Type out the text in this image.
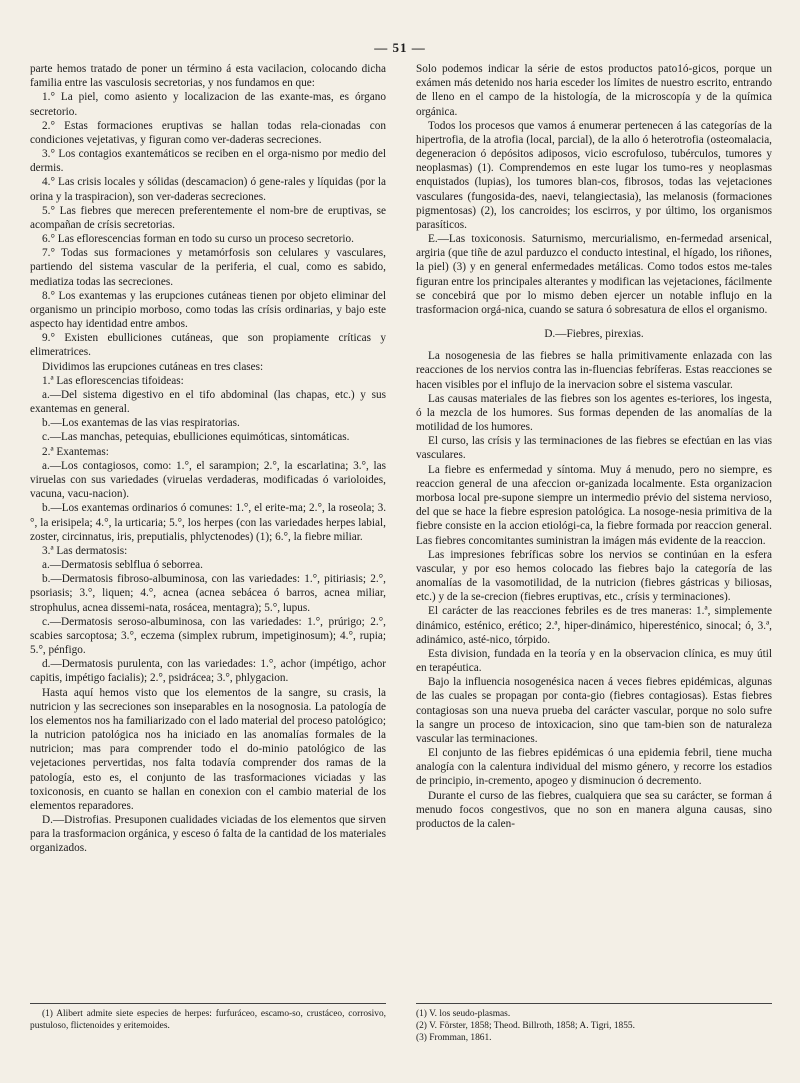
— 51 —

parte hemos tratado de poner un término á esta vacilacion, colocando dicha familia entre las vasculosis secretorias, y nos fundamos en que:

1.° La piel, como asiento y localizacion de las exante-mas, es órgano secretorio.

2.° Estas formaciones eruptivas se hallan todas rela-cionadas con condiciones vejetativas, y figuran como ver-daderas secreciones.

3.° Los contagios exantemáticos se reciben en el orga-nismo por medio del dermis.

4.° Las crisis locales y sólidas (descamacion) ó gene-rales y líquidas (por la orina y la traspiracion), son ver-daderas secreciones.

5.° Las fiebres que merecen preferentemente el nom-bre de eruptivas, se acompañan de crísis secretorias.

6.° Las eflorescencias forman en todo su curso un proceso secretorio.

7.° Todas sus formaciones y metamórfosis son celulares y vasculares, partiendo del sistema vascular de la periferia, el cual, como es sabido, mediatiza todas las secreciones.

8.° Los exantemas y las erupciones cutáneas tienen por objeto eliminar del organismo un principio morboso, como todas las crísis ordinarias, y bajo este aspecto hay identidad entre ambos.

9.° Existen ebulliciones cutáneas, que son propiamente críticas y elimeratrices.

Dividimos las erupciones cutáneas en tres clases:

1.ª Las eflorescencias tifoideas:

a.—Del sistema digestivo en el tifo abdominal (las chapas, etc.) y sus exantemas en general.

b.—Los exantemas de las vias respiratorias.

c.—Las manchas, petequias, ebulliciones equimóticas, sintomáticas.

2.ª Exantemas:

a.—Los contagiosos, como: 1.°, el sarampion; 2.°, la escarlatina; 3.°, las viruelas con sus variedades (viruelas verdaderas, modificadas ó varioloides, vacuna, vacu-nacion).

b.—Los exantemas ordinarios ó comunes: 1.°, el erite-ma; 2.°, la roseola; 3.°, la erisipela; 4.°, la urticaria; 5.°, los herpes (con las variedades herpes labial, zoster, circinnatus, iris, preputialis, phlyctenodes) (1); 6.°, la fiebre miliar.

3.ª Las dermatosis:

a.—Dermatosis seblflua ó seborrea.

b.—Dermatosis fibroso-albuminosa, con las variedades: 1.°, pitiriasis; 2.°, psoriasis; 3.°, liquen; 4.°, acnea (acnea sebácea ó barros, acnea miliar, strophulus, acnea dissemi-nata, rosácea, mentagra); 5.°, lupus.

c.—Dermatosis seroso-albuminosa, con las variedades: 1.°, prúrigo; 2.°, scabies sarcoptosa; 3.°, eczema (simplex rubrum, impetiginosum); 4.°, rupia; 5.°, pénfigo.

d.—Dermatosis purulenta, con las variedades: 1.°, achor (impétigo, achor capitis, impétigo facialis); 2.°, psidrácea; 3.°, phlygacion.

Hasta aquí hemos visto que los elementos de la sangre, su crasis, la nutricion y las secreciones son inseparables en la nosognosia. La patología de los elementos nos ha familiarizado con el lado material del proceso patológico; la nutricion patológica nos ha iniciado en las anomalías formales de la nutricion; mas para comprender todo el do-minio patológico de las vejetaciones pervertidas, nos falta todavía comprender dos ramas de la patología, esto es, el conjunto de las trasformaciones viciadas y las toxiconosis, en cuanto se hallan en conexion con el cambio material de los elementos reparadores.

D.—Distrofias. Presuponen cualidades viciadas de los elementos que sirven para la trasformacion orgánica, y esceso ó falta de la cantidad de los materiales organizados.

Solo podemos indicar la série de estos productos pato1ó-gicos, porque un exámen más detenido nos haria esceder los límites de nuestro escrito, entrando de lleno en el campo de la histología, de la microscopía y de la química orgánica.

Todos los procesos que vamos á enumerar pertenecen á las categorías de la hipertrofia, de la atrofia (local, parcial), de la allo ó heterotrofia (osteomalacia, degeneracion ó depósitos adiposos, vicio escrofuloso, tubérculos, tumores y neoplasmas) (1). Comprendemos en este lugar los tumo-res y neoplasmas enquistados (lupias), los tumores blan-cos, fibrosos, todas las vejetaciones vasculares (fungosida-des, naevi, telangiectasia), las melanosis (formaciones pigmentosas) (2), los cancroides; los escirros, y por último, los organismos parasíticos.

E.—Las toxiconosis. Saturnismo, mercurialismo, en-fermedad arsenical, argiria (que tiñe de azul parduzco el conducto intestinal, el hígado, los riñones, la piel) (3) y en general enfermedades metálicas. Como todos estos me-tales figuran entre los principales alterantes y modifican las vejetaciones, fácilmente se concebirá que por lo mismo deben ejercer un notable influjo en la trasformacion orgá-nica, cuando se satura ó sobresatura de ellos el organismo.

D.—Fiebres, pirexias.

La nosogenesia de las fiebres se halla primitivamente enlazada con las reacciones de los nervios contra las in-fluencias febríferas. Estas reacciones se hacen visibles por el influjo de la inervacion sobre el sistema vascular.

Las causas materiales de las fiebres son los agentes es-teriores, los ingesta, ó la mezcla de los humores. Sus formas dependen de las anomalías de la motilidad de los humores.

El curso, las crísis y las terminaciones de las fiebres se efectúan en las vias vasculares.

La fiebre es enfermedad y síntoma. Muy á menudo, pero no siempre, es reaccion general de una afeccion or-ganizada localmente. Esta organizacion morbosa local pre-supone siempre un intermedio prévio del sistema nervioso, del que se hace la fiebre espresion patológica. La nosoge-nesia primitiva de la fiebre consiste en la accion etiológi-ca, la fiebre formada por reaccion general. Las fiebres concomitantes suministran la imágen más evidente de la reaccion.

Las impresiones febríficas sobre los nervios se continúan en la esfera vascular, y por eso hemos colocado las fiebres bajo la categoría de las anomalías de la vasomotilidad, de la nutricion (fiebres gástricas y biliosas, etc.) y de la se-crecion (fiebres eruptivas, etc., crísis y terminaciones).

El carácter de las reacciones febriles es de tres maneras: 1.ª, simplemente dinámico, esténico, erético; 2.ª, hiper-dinámico, hiperesténico, sinocal; ó, 3.ª, adinámico, asté-nico, tórpido.

Esta division, fundada en la teoría y en la observacion clínica, es muy útil en terapéutica.

Bajo la influencia nosogenésica nacen á veces fiebres epidémicas, algunas de las cuales se propagan por conta-gio (fiebres contagiosas). Estas fiebres contagiosas son una nueva prueba del carácter vascular, porque no solo sufre la sangre un proceso de intoxicacion, sino que tam-bien son de naturaleza vascular las terminaciones.

El conjunto de las fiebres epidémicas ó una epidemia febril, tiene mucha analogía con la calentura individual del mismo género, y recorre los estadios de principio, in-cremento, apogeo y disminucion ó decremento.

Durante el curso de las fiebres, cualquiera que sea su carácter, se forman á menudo focos congestivos, que no son en manera alguna causas, sino productos de la calen-

(1) Alibert admite siete especies de herpes: furfuráceo, escamo-so, crustáceo, corrosivo, pustuloso, flictenoides y eritemoides.

(1) V. los seudo-plasmas.

(2) V. Förster, 1858; Theod. Billroth, 1858; A. Tigri, 1855.

(3) Fromman, 1861.
